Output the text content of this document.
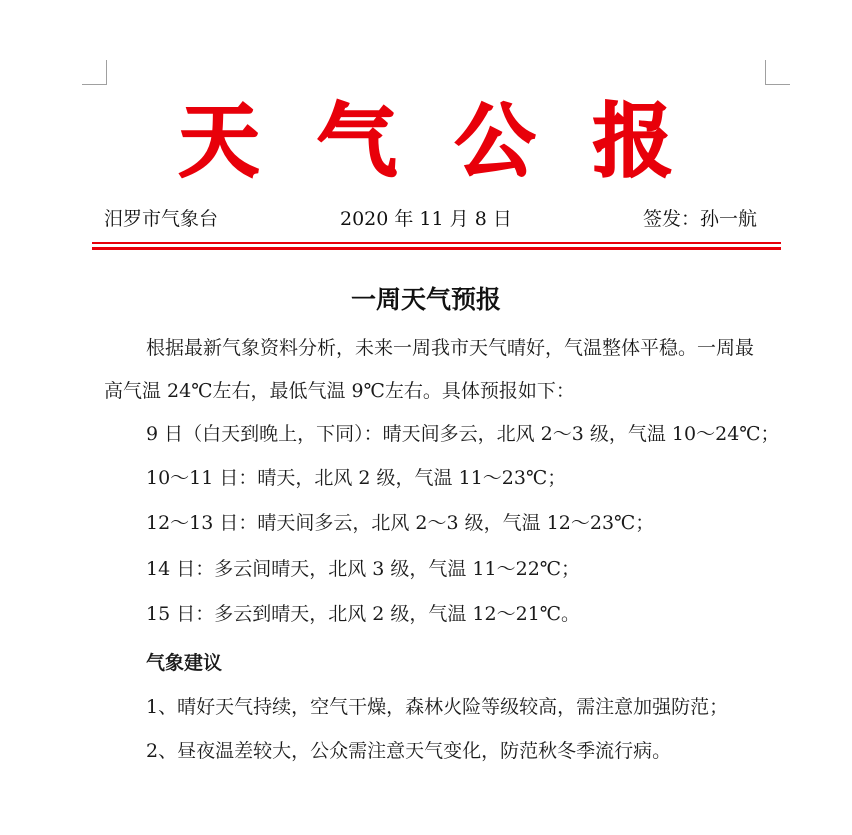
天气公报
汨罗市气象台	2020 年 11 月 8 日	签发：孙一航
一周天气预报
根据最新气象资料分析，未来一周我市天气晴好，气温整体平稳。一周最高气温 24℃左右，最低气温 9℃左右。具体预报如下：
9 日（白天到晚上，下同）：晴天间多云，北风 2～3 级，气温 10～24℃；
10～11 日：晴天，北风 2 级，气温 11～23℃；
12～13 日：晴天间多云，北风 2～3 级，气温 12～23℃；
14 日：多云间晴天，北风 3 级，气温 11～22℃；
15 日：多云到晴天，北风 2 级，气温 12～21℃。
气象建议
1、晴好天气持续，空气干燥，森林火险等级较高，需注意加强防范；
2、昼夜温差较大，公众需注意天气变化，防范秋冬季流行病。
